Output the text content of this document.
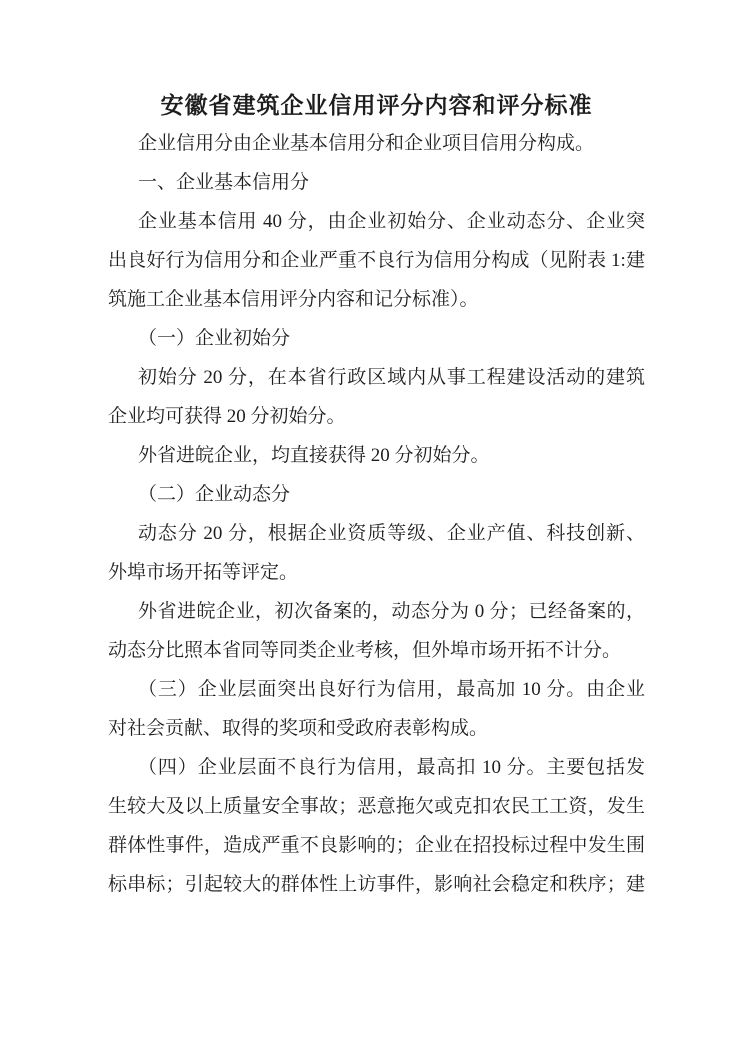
安徽省建筑企业信用评分内容和评分标准
企业信用分由企业基本信用分和企业项目信用分构成。
一、企业基本信用分
企业基本信用 40 分，由企业初始分、企业动态分、企业突
出良好行为信用分和企业严重不良行为信用分构成（见附表 1:建
筑施工企业基本信用评分内容和记分标准）。
（一）企业初始分
初始分 20 分，在本省行政区域内从事工程建设活动的建筑
企业均可获得 20 分初始分。
外省进皖企业，均直接获得 20 分初始分。
（二）企业动态分
动态分 20 分，根据企业资质等级、企业产值、科技创新、
外埠市场开拓等评定。
外省进皖企业，初次备案的，动态分为 0 分；已经备案的，
动态分比照本省同等同类企业考核，但外埠市场开拓不计分。
（三）企业层面突出良好行为信用，最高加 10 分。由企业
对社会贡献、取得的奖项和受政府表彰构成。
（四）企业层面不良行为信用，最高扣 10 分。主要包括发
生较大及以上质量安全事故；恶意拖欠或克扣农民工工资，发生
群体性事件，造成严重不良影响的；企业在招投标过程中发生围
标串标；引起较大的群体性上访事件，影响社会稳定和秩序；建
